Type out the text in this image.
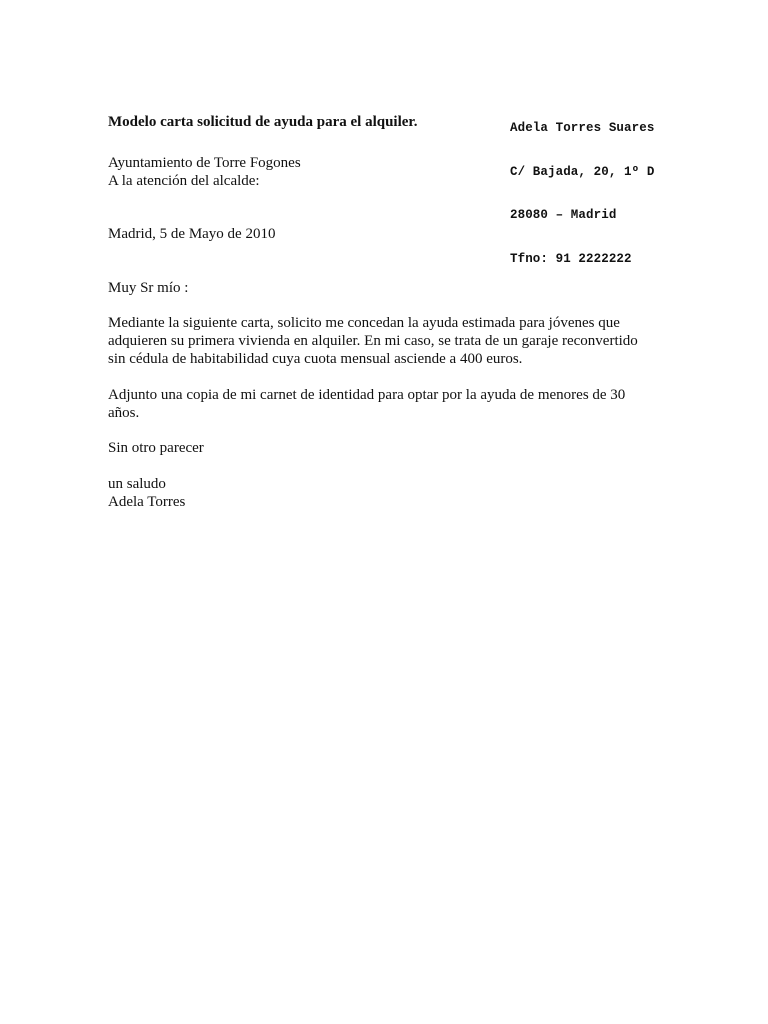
Adela Torres Suares

C/ Bajada, 20, 1º D

28080 – Madrid

Tfno: 91 2222222

Modelo carta solicitud de ayuda para el alquiler.
Ayuntamiento de Torre Fogones
A la atención del alcalde:
Madrid, 5 de Mayo de 2010
Muy Sr mío :
Mediante la siguiente carta, solicito me concedan la ayuda estimada para jóvenes que
adquieren su primera vivienda en alquiler. En mi caso, se trata de un garaje reconvertido
sin cédula de habitabilidad cuya cuota mensual asciende a 400 euros.
Adjunto una copia de mi carnet de identidad para optar por la ayuda de menores de 30
años.
Sin otro parecer
un saludo
Adela Torres
